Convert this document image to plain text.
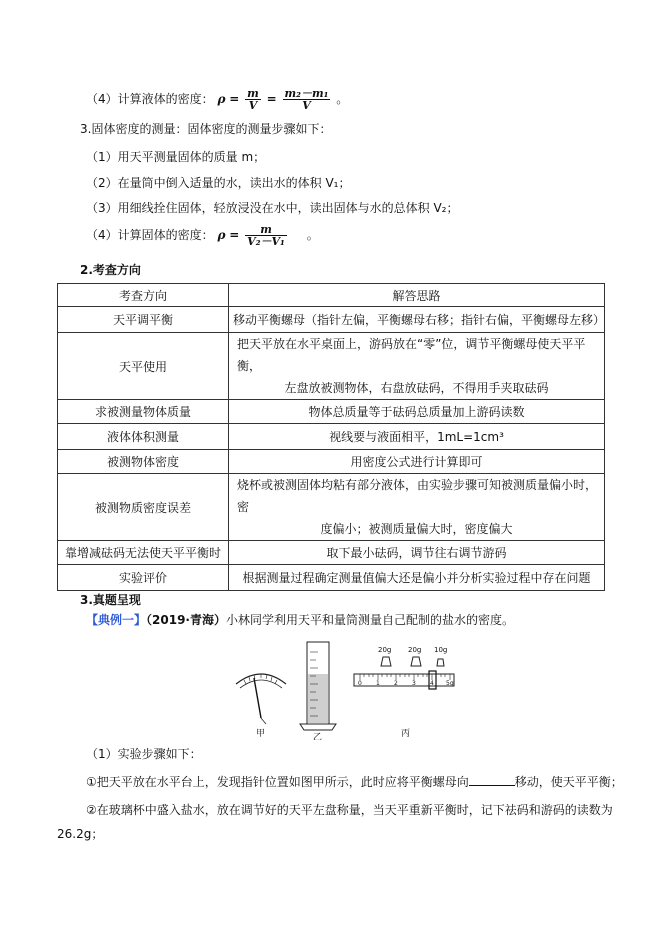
（4）计算液体的密度： $\rho = \frac{m}{V} = \frac{\text{m₂－m₁}}{V}$ 。
3.固体密度的测量：固体密度的测量步骤如下：
（1）用天平测量固体的质量 m；
（2）在量筒中倒入适量的水，读出水的体积 V₁；
（3）用细线拴住固体，轻放浸没在水中，读出固体与水的总体积 V₂；
（4）计算固体的密度： $\rho = \frac{m}{\text{V₂－V₁}}$ 。
2.考查方向
考查方向	解答思路
天平调平衡	移动平衡螺母（指针左偏，平衡螺母右移；指针右偏，平衡螺母左移）
天平使用	把天平放在水平桌面上，游码放在“零”位，调节平衡螺母使天平平衡，
左盘放被测物体，右盘放砝码，不得用手夹取砝码

求被测量物体质量	物体总质量等于砝码总质量加上游码读数
液体体积测量	视线要与液面相平，1mL=1cm³
被测物体密度	用密度公式进行计算即可
被测物质密度误差	烧杯或被测固体均粘有部分液体，由实验步骤可知被测质量偏小时，密
度偏小；被测质量偏大时，密度偏大

靠增减砝码无法使天平平衡时	取下最小砝码，调节往右调节游码
实验评价	根据测量过程确定测量值偏大还是偏小并分析实验过程中存在问题
3.真题呈现
【典例一】（2019·青海）小林同学利用天平和量筒测量自己配制的盐水的密度。
甲	乙
20g 20g 10g
0 1 2 3 4 5g
丙
（1）实验步骤如下：
①把天平放在水平台上，发现指针位置如图甲所示，此时应将平衡螺母向	移动，使天平平衡；
②在玻璃杯中盛入盐水，放在调节好的天平左盘称量，当天平重新平衡时，记下祛码和游码的读数为
26.2g；
